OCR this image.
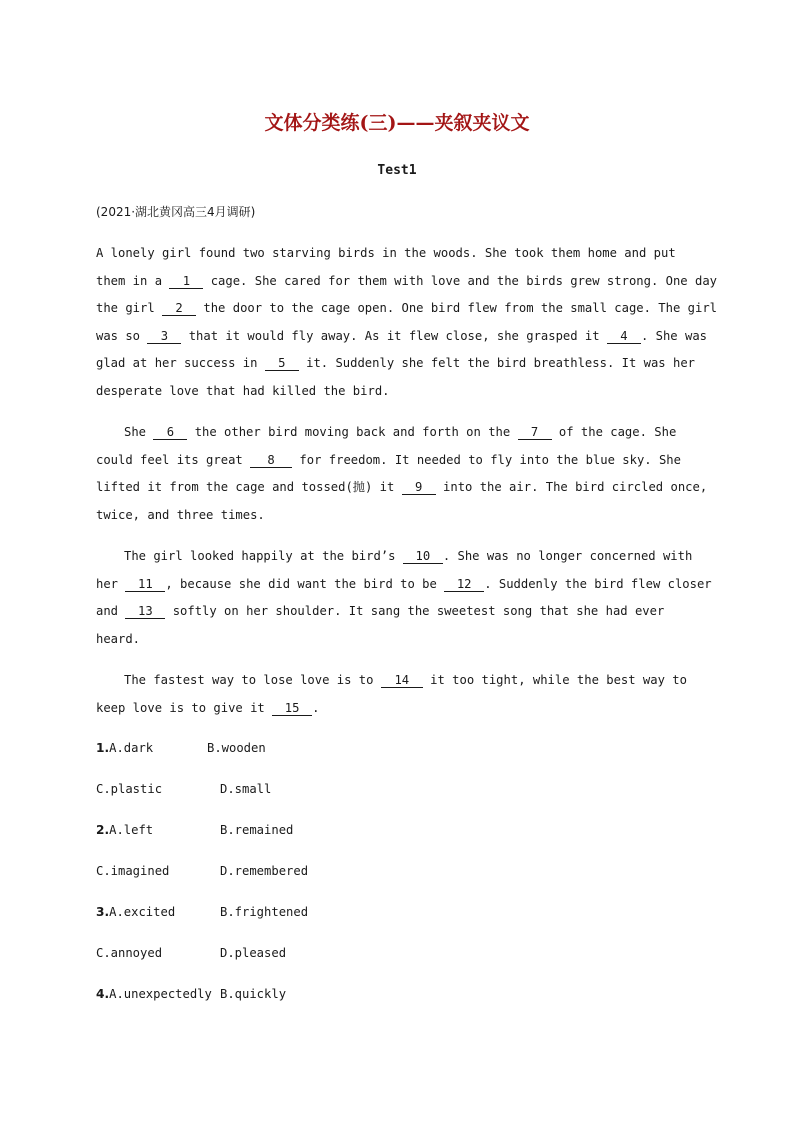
文体分类练(三)——夹叙夹议文
Test1
(2021·湖北黄冈高三4月调研)
A lonely girl found two starving birds in the woods. She took them home and put
them in a 1 cage. She cared for them with love and the birds grew strong. One day
the girl 2 the door to the cage open. One bird flew from the small cage. The girl
was so 3 that it would fly away. As it flew close, she grasped it 4 . She was
glad at her success in 5 it. Suddenly she felt the bird breathless. It was her
desperate love that had killed the bird.
She 6 the other bird moving back and forth on the 7 of the cage. She
could feel its great 8 for freedom. It needed to fly into the blue sky. She
lifted it from the cage and tossed(抛) it 9 into the air. The bird circled once,
twice, and three times.
The girl looked happily at the bird’s 10 . She was no longer concerned with
her 11 , because she did want the bird to be 12 . Suddenly the bird flew closer
and 13 softly on her shoulder. It sang the sweetest song that she had ever
heard.
The fastest way to lose love is to 14 it too tight, while the best way to
keep love is to give it 15 .
1.A.dark	B.wooden
C.plastic	D.small
2.A.left	B.remained
C.imagined	D.remembered
3.A.excited	B.frightened
C.annoyed	D.pleased
4.A.unexpectedly B.quickly
